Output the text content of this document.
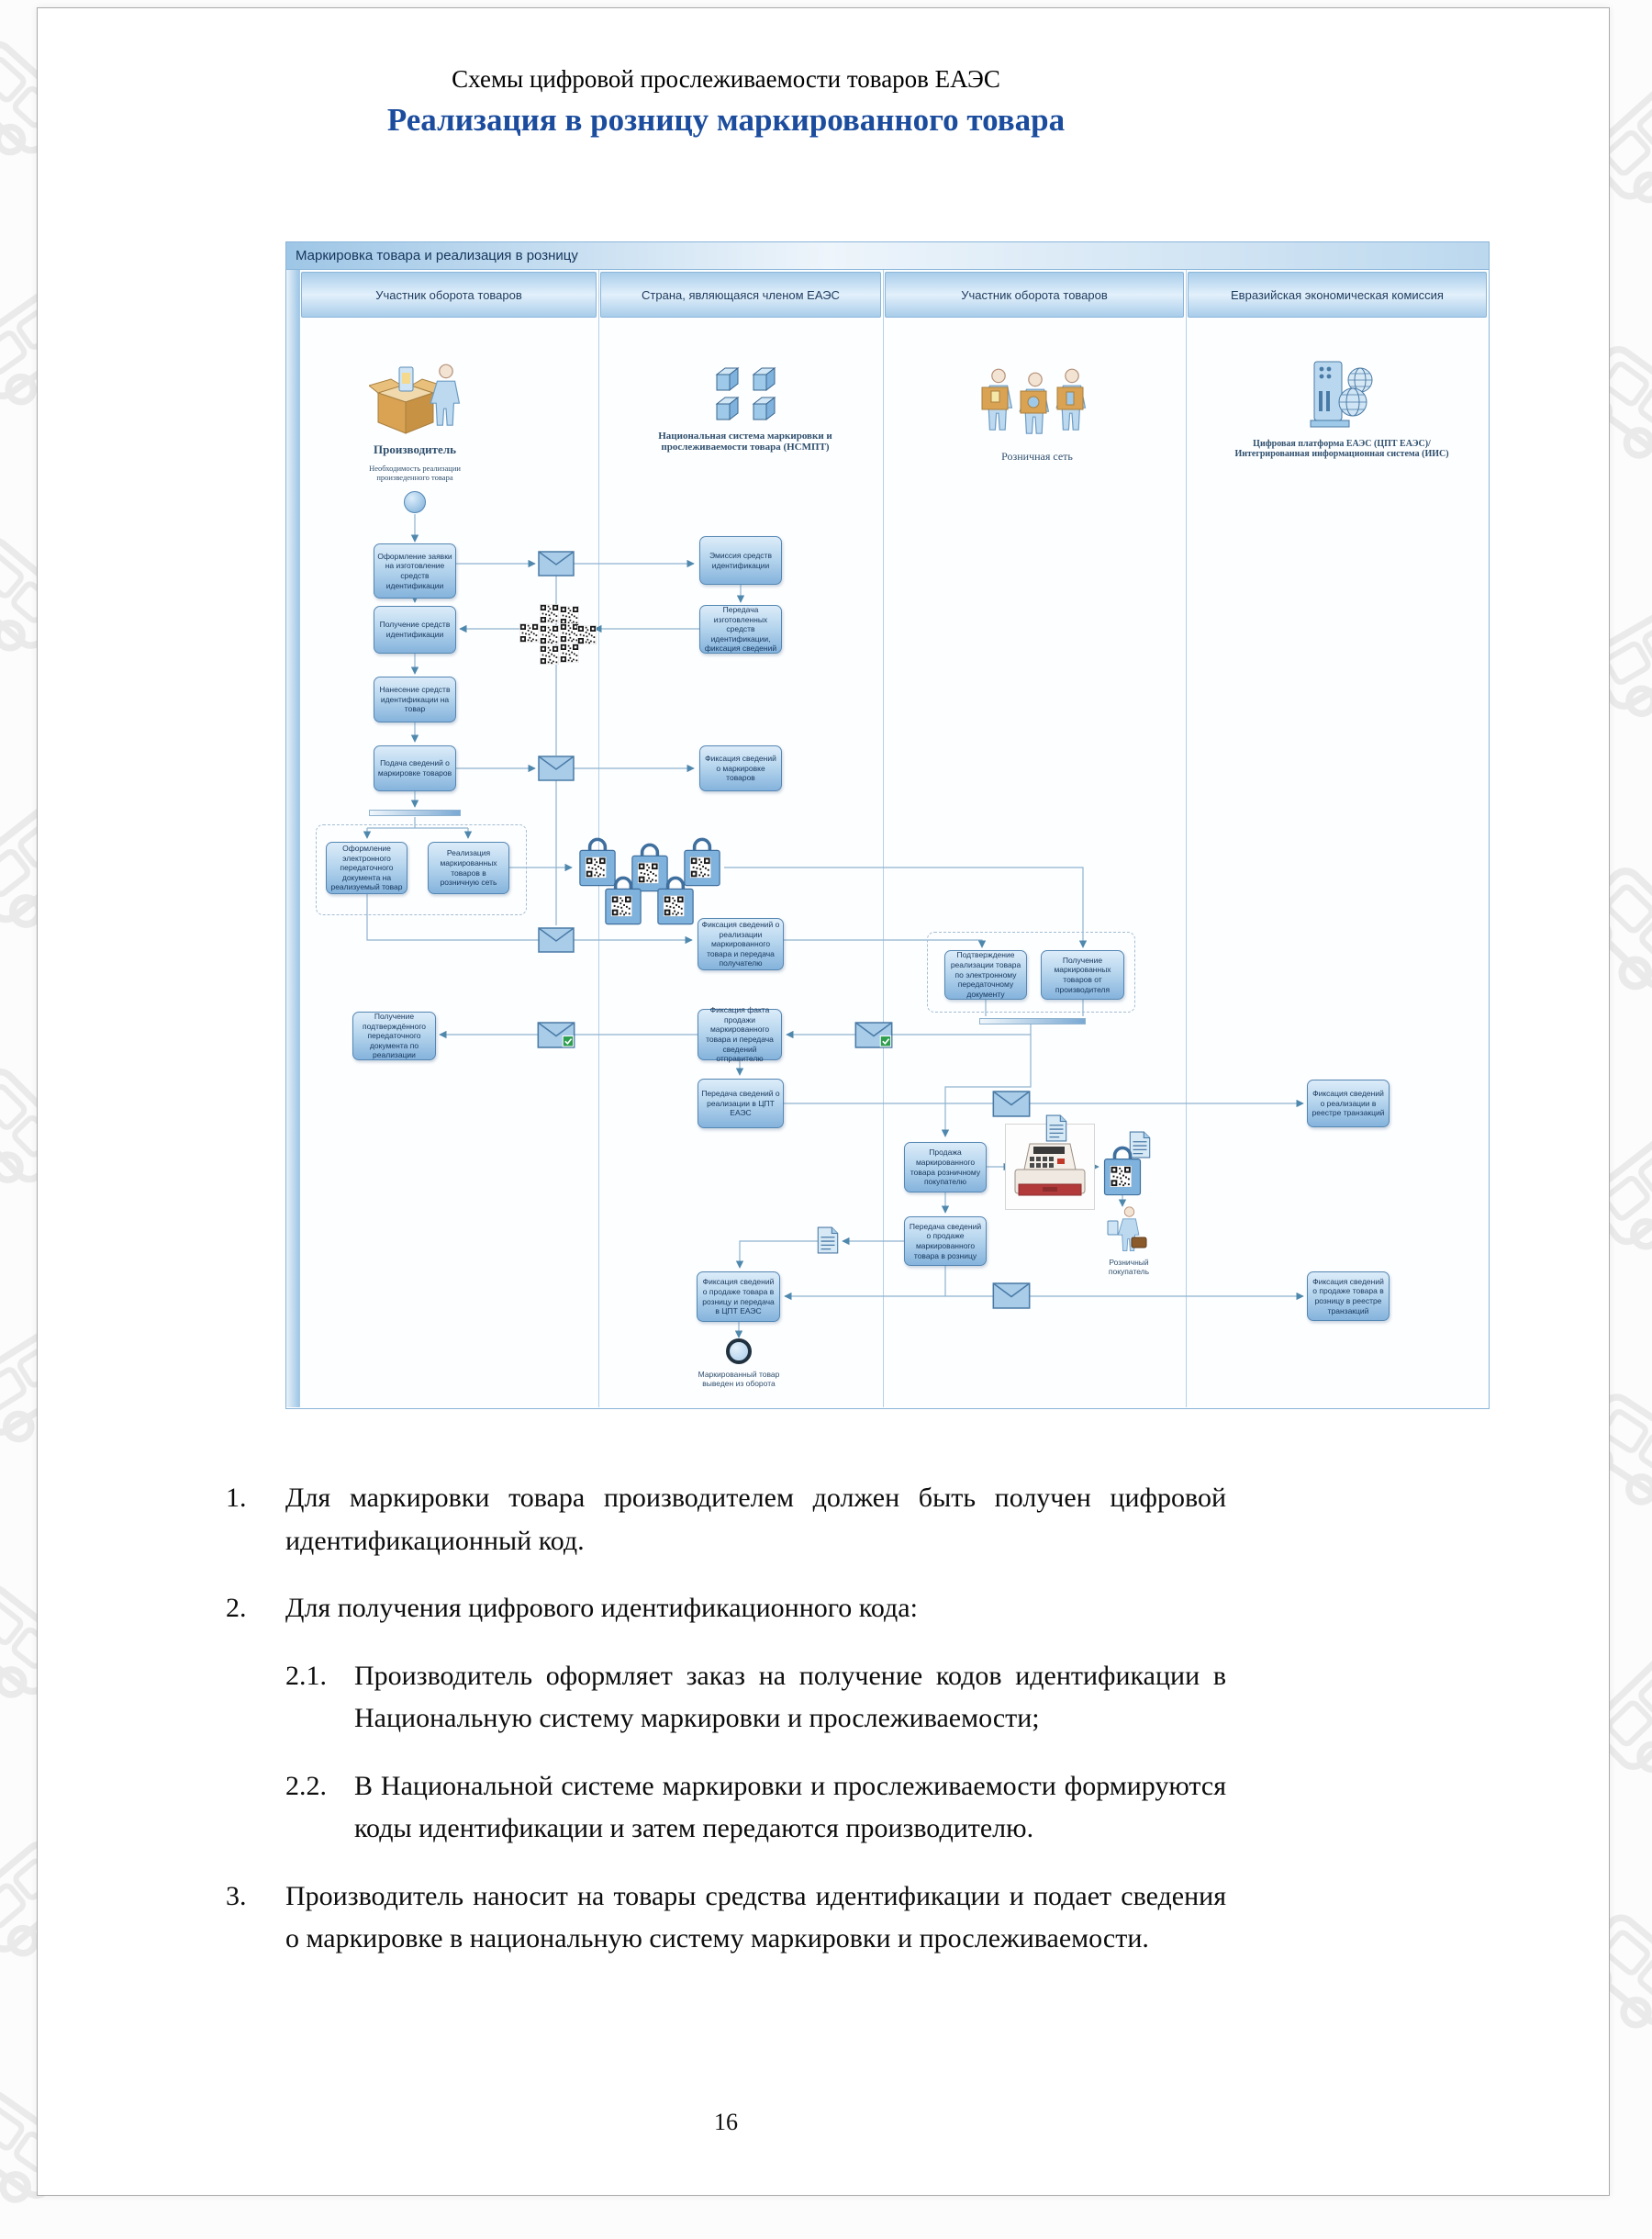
Схемы цифровой прослеживаемости товаров ЕАЭС
Реализация в розницу маркированного товара
Маркировка товара и реализация в розницу
Участник оборота товаров	Страна, являющаяся членом ЕАЭС	Участник оборота товаров	Евразийская экономическая комиссия
Производитель
Необходимость реализации произведенного товара
Национальная система маркировки и прослеживаемости товара (НСМПТ)
Розничная сеть
Цифровая платформа ЕАЭС (ЦПТ ЕАЭС)/ Интегрированная информационная система (ИИС)
Оформление заявки на изготовление средств идентификации
Получение средств идентификации
Нанесение средств идентификации на товар
Подача сведений о маркировке товаров
Оформление электронного передаточного документа на реализуемый товар
Реализация маркированных товаров в розничную сеть
Получение подтверждённого передаточного документа по реализации
Эмиссия средств идентификации
Передача изготовленных средств идентификации, фиксация сведений
Фиксация сведений о маркировке товаров
Фиксация сведений о реализации маркированного товара и передача получателю
Фиксация факта продажи маркированного товара и передача сведений отправителю
Передача сведений о реализации в ЦПТ ЕАЭС
Фиксация сведений о продаже товара в розницу и передача в ЦПТ ЕАЭС
Маркированный товар выведен из оборота
Подтверждение реализации товара по электронному передаточному документу
Получение маркированных товаров от производителя
Продажа маркированного товара розничному покупателю
Передача сведений о продаже маркированного товара в розницу
Фиксация сведений о реализации в реестре транзакций
Фиксация сведений о продаже товара в розницу в реестре транзакций
Розничный покупатель
1.	Для маркировки товара производителем должен быть получен цифровой идентификационный код.
2.	Для получения цифрового идентификационного кода:
2.1.	Производитель оформляет заказ на получение кодов идентификации в Национальную систему маркировки и прослеживаемости;
2.2.	В Национальной системе маркировки и прослеживаемости формируются коды идентификации и затем передаются производителю.
3.	Производитель наносит на товары средства идентификации и подает сведения о маркировке в национальную систему маркировки и прослеживаемости.
16
